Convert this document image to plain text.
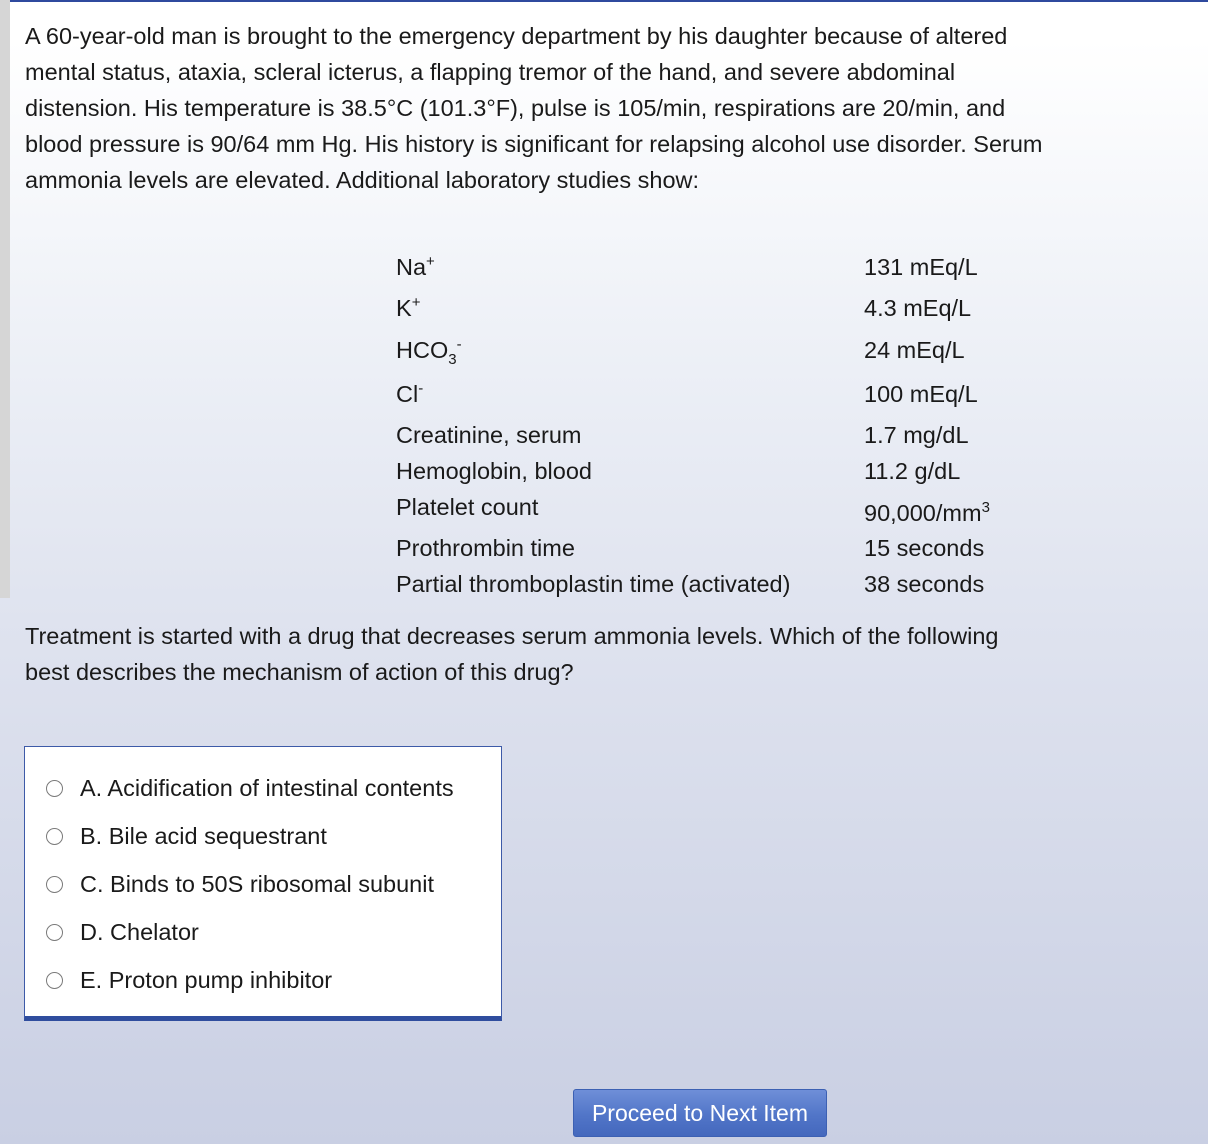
A 60-year-old man is brought to the emergency department by his daughter because of altered mental status, ataxia, scleral icterus, a flapping tremor of the hand, and severe abdominal distension. His temperature is 38.5°C (101.3°F), pulse is 105/min, respirations are 20/min, and blood pressure is 90/64 mm Hg. His history is significant for relapsing alcohol use disorder. Serum ammonia levels are elevated. Additional laboratory studies show:

Na+	131 mEq/L
K+	4.3 mEq/L
$HCO_3^-$	24 mEq/L
Cl-	100 mEq/L
Creatinine, serum	1.7 mg/dL
Hemoglobin, blood	11.2 g/dL
Platelet count	$90,000/mm^3$
Prothrombin time	15 seconds
Partial thromboplastin time (activated)	38 seconds

Treatment is started with a drug that decreases serum ammonia levels. Which of the following best describes the mechanism of action of this drug?

A. Acidification of intestinal contents
B. Bile acid sequestrant
C. Binds to 50S ribosomal subunit
D. Chelator
E. Proton pump inhibitor
Proceed to Next Item
